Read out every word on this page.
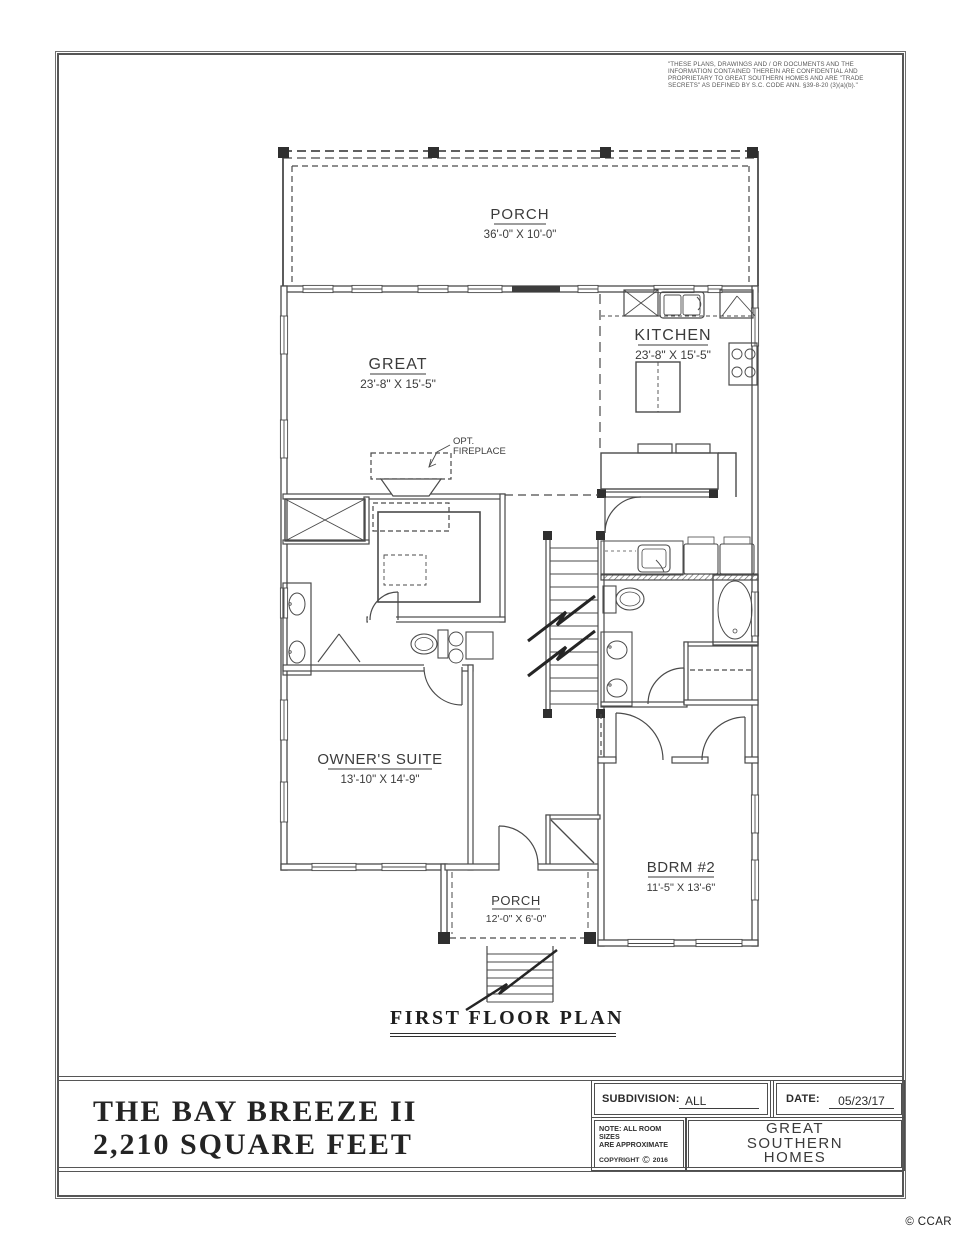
"THESE PLANS, DRAWINGS AND / OR DOCUMENTS AND THE
INFORMATION CONTAINED THEREIN ARE CONFIDENTIAL AND
PROPRIETARY TO GREAT SOUTHERN HOMES AND ARE "TRADE
SECRETS" AS DEFINED BY S.C. CODE ANN. §39-8-20 (3)(a)(b)."
PORCH
36'-0" X 10'-0"
GREAT
23'-8" X 15'-5"
KITCHEN
23'-8" X 15'-5"
OWNER'S SUITE
13'-10" X 14'-9"
BDRM #2
11'-5" X 13'-6"
PORCH
12'-0" X 6'-0"
OPT.
FIREPLACE
FIRST FLOOR PLAN
THE BAY BREEZE II
2,210 SQUARE FEET
SUBDIVISION: ALL	DATE:	05/23/17
NOTE: ALL ROOM SIZES
ARE APPROXIMATE
COPYRIGHT © 2016
GREAT
SOUTHERN
HOMES
© CCAR
